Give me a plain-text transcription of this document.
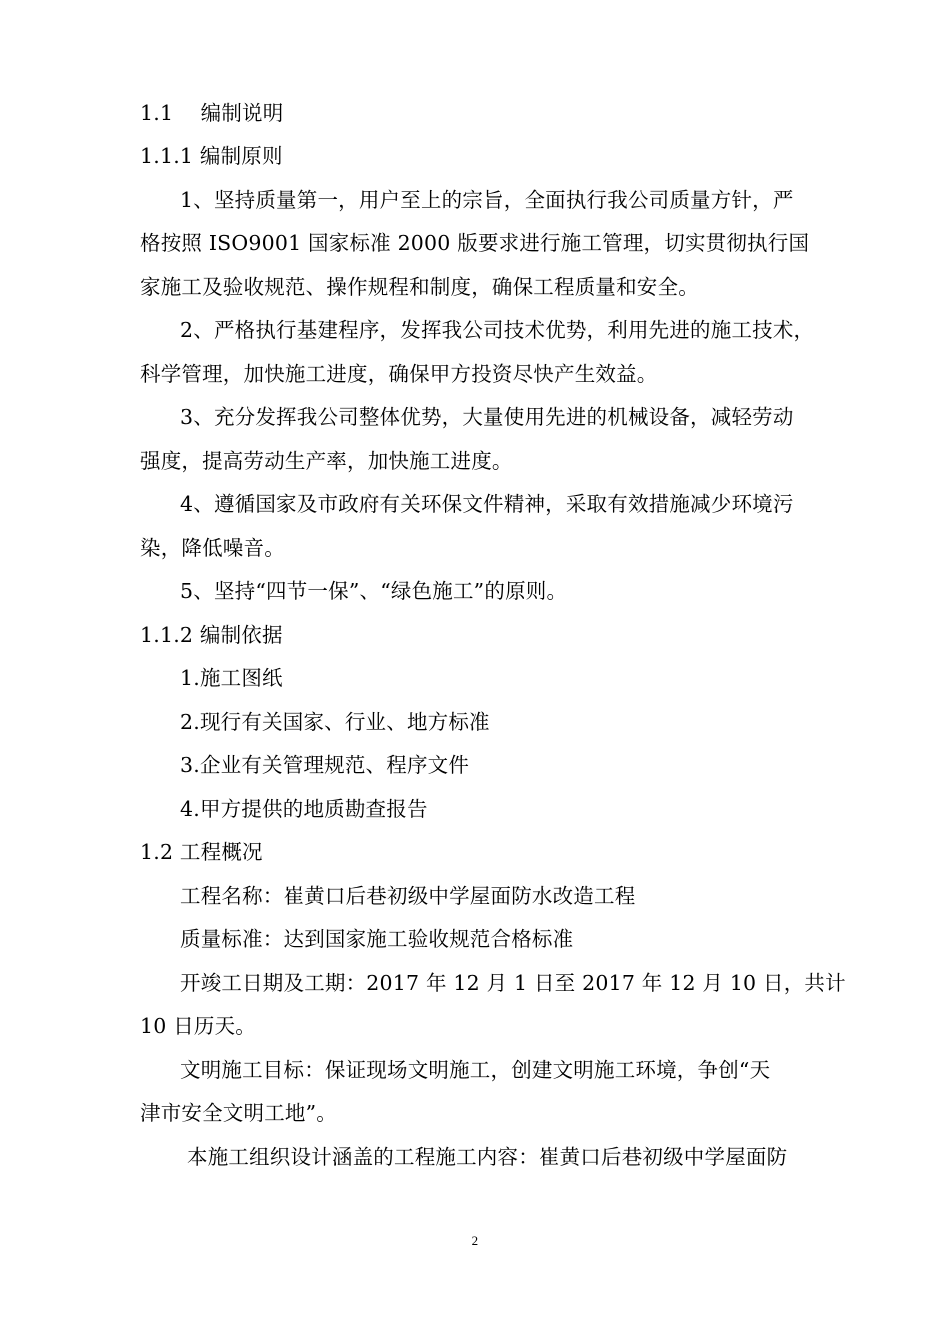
1.1　 编制说明
1.1.1 编制原则
1、坚持质量第一，用户至上的宗旨，全面执行我公司质量方针，严
格按照 ISO9001 国家标准 2000 版要求进行施工管理，切实贯彻执行国
家施工及验收规范、操作规程和制度，确保工程质量和安全。
2、严格执行基建程序，发挥我公司技术优势，利用先进的施工技术，
科学管理，加快施工进度，确保甲方投资尽快产生效益。
3、充分发挥我公司整体优势，大量使用先进的机械设备，减轻劳动
强度，提高劳动生产率，加快施工进度。
4、遵循国家及市政府有关环保文件精神，采取有效措施减少环境污
染，降低噪音。
5、坚持“四节一保”、“绿色施工”的原则。
1.1.2 编制依据
1.施工图纸
2.现行有关国家、行业、地方标准
3.企业有关管理规范、程序文件
4.甲方提供的地质勘查报告
1.2 工程概况
工程名称：崔黄口后巷初级中学屋面防水改造工程
质量标准：达到国家施工验收规范合格标准
开竣工日期及工期：2017 年 12 月 1 日至 2017 年 12 月 10 日，共计
10 日历天。
文明施工目标：保证现场文明施工，创建文明施工环境，争创“天
津市安全文明工地”。
本施工组织设计涵盖的工程施工内容：崔黄口后巷初级中学屋面防
2
